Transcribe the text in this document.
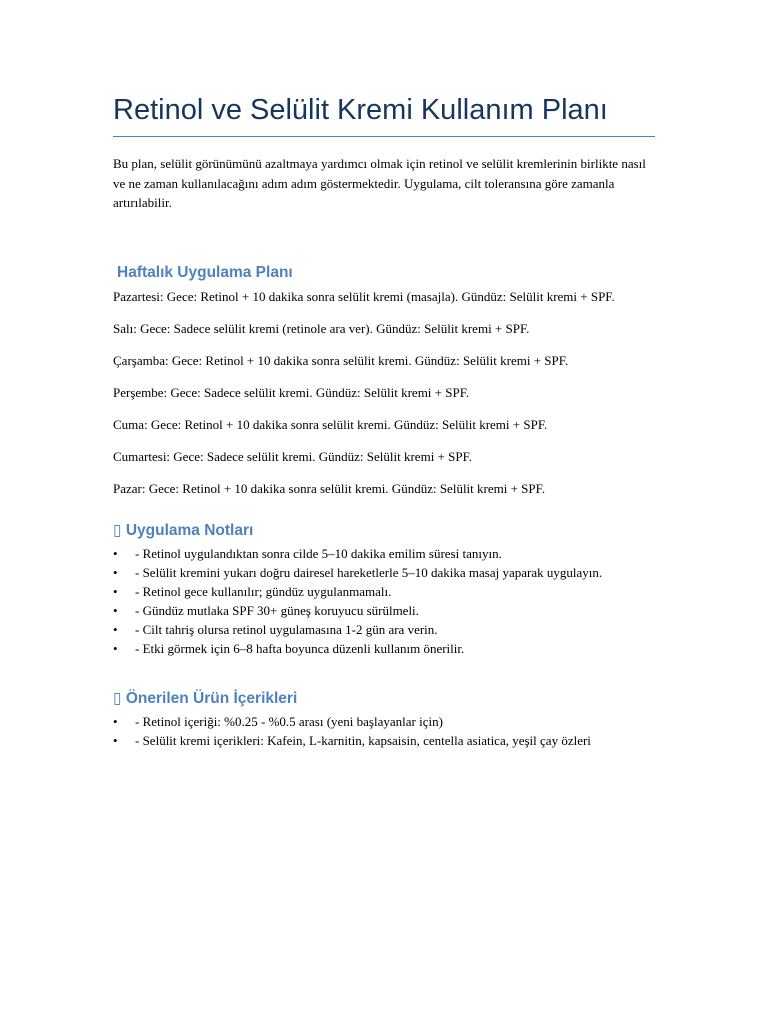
Retinol ve Selülit Kremi Kullanım Planı

Bu plan, selülit görünümünü azaltmaya yardımcı olmak için retinol ve selülit kremlerinin birlikte nasıl ve ne zaman kullanılacağını adım adım göstermektedir. Uygulama, cilt toleransına göre zamanla artırılabilir.

Haftalık Uygulama Planı

Pazartesi: Gece: Retinol + 10 dakika sonra selülit kremi (masajla). Gündüz: Selülit kremi + SPF.

Salı: Gece: Sadece selülit kremi (retinole ara ver). Gündüz: Selülit kremi + SPF.

Çarşamba: Gece: Retinol + 10 dakika sonra selülit kremi. Gündüz: Selülit kremi + SPF.

Perşembe: Gece: Sadece selülit kremi. Gündüz: Selülit kremi + SPF.

Cuma: Gece: Retinol + 10 dakika sonra selülit kremi. Gündüz: Selülit kremi + SPF.

Cumartesi: Gece: Sadece selülit kremi. Gündüz: Selülit kremi + SPF.

Pazar: Gece: Retinol + 10 dakika sonra selülit kremi. Gündüz: Selülit kremi + SPF.

▯ Uygulama Notları
• - Retinol uygulandıktan sonra cilde 5–10 dakika emilim süresi tanıyın.
• - Selülit kremini yukarı doğru dairesel hareketlerle 5–10 dakika masaj yaparak uygulayın.
• - Retinol gece kullanılır; gündüz uygulanmamalı.
• - Gündüz mutlaka SPF 30+ güneş koruyucu sürülmeli.
• - Cilt tahriş olursa retinol uygulamasına 1-2 gün ara verin.
• - Etki görmek için 6–8 hafta boyunca düzenli kullanım önerilir.
▯ Önerilen Ürün İçerikleri
• - Retinol içeriği: %0.25 - %0.5 arası (yeni başlayanlar için)
• - Selülit kremi içerikleri: Kafein, L-karnitin, kapsaisin, centella asiatica, yeşil çay özleri
